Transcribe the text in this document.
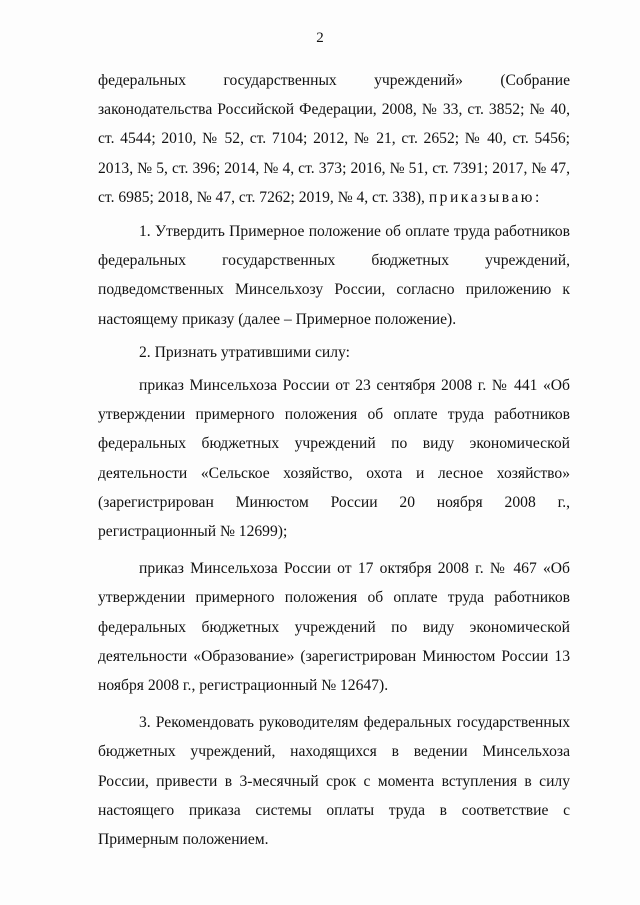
2

федеральных государственных учреждений» (Собрание законодательства Российской Федерации, 2008, № 33, ст. 3852; № 40, ст. 4544; 2010, № 52, ст. 7104; 2012, № 21, ст. 2652; № 40, ст. 5456; 2013, № 5, ст. 396; 2014, № 4, ст. 373; 2016, № 51, ст. 7391; 2017, № 47, ст. 6985; 2018, № 47, ст. 7262; 2019, № 4, ст. 338), приказываю:

1. Утвердить Примерное положение об оплате труда работников федеральных государственных бюджетных учреждений, подведомственных Минсельхозу России, согласно приложению к настоящему приказу (далее – Примерное положение).

2. Признать утратившими силу:

приказ Минсельхоза России от 23 сентября 2008 г. № 441 «Об утверждении примерного положения об оплате труда работников федеральных бюджетных учреждений по виду экономической деятельности «Сельское хозяйство, охота и лесное хозяйство» (зарегистрирован Минюстом России 20 ноября 2008 г., регистрационный № 12699);

приказ Минсельхоза России от 17 октября 2008 г. № 467 «Об утверждении примерного положения об оплате труда работников федеральных бюджетных учреждений по виду экономической деятельности «Образование» (зарегистрирован Минюстом России 13 ноября 2008 г., регистрационный № 12647).

3. Рекомендовать руководителям федеральных государственных бюджетных учреждений, находящихся в ведении Минсельхоза России, привести в 3-месячный срок с момента вступления в силу настоящего приказа системы оплаты труда в соответствие с Примерным положением.
